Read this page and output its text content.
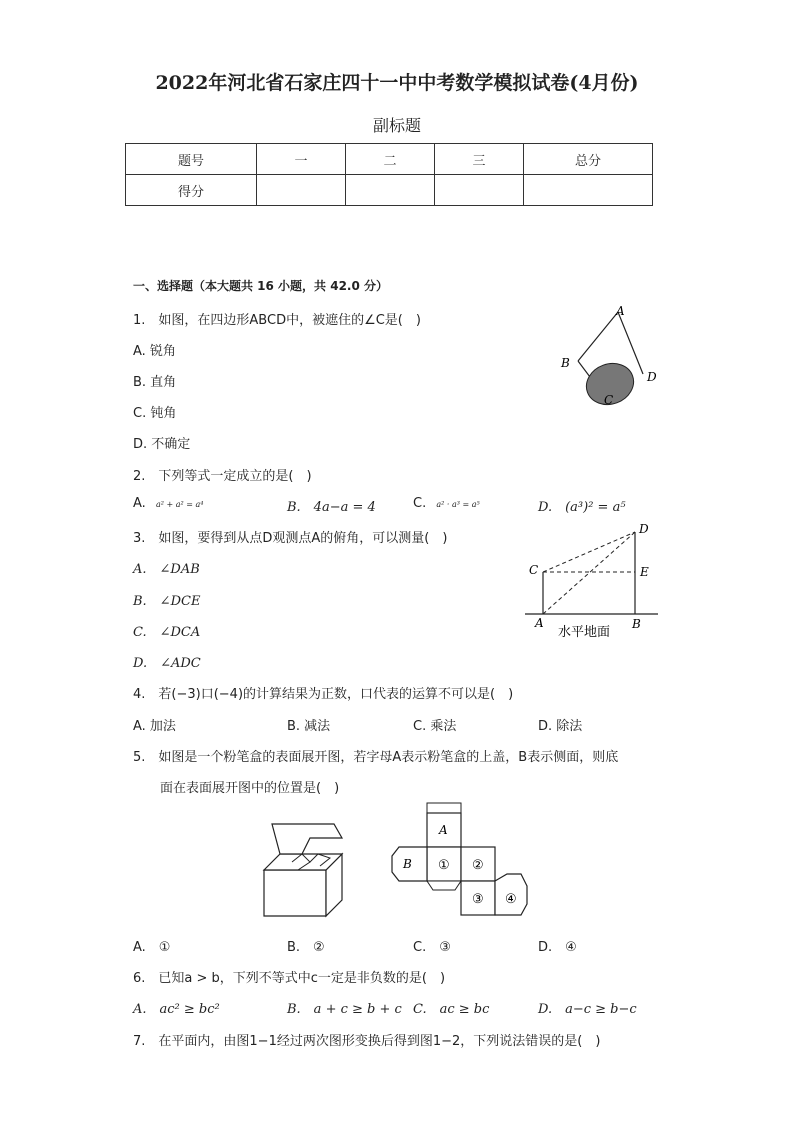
2022年河北省石家庄四十一中中考数学模拟试卷(4月份)
副标题
题号	一	二	三	总分
得分				
一、选择题（本大题共 16 小题，共 42.0 分）
1.　如图，在四边形ABCD中，被遮住的∠C是(　)
A. 锐角
B. 直角
C. 钝角
D. 不确定
A
B
C
D
2.　下列等式一定成立的是(　)
A. a² + a² = a⁴	B.　4a−a = 4	C. a² · a³ = a⁵	D.　(a³)² = a⁵
3.　如图，要得到从点D观测点A的俯角，可以测量(　)
A.　∠DAB
B.　∠DCE
C.　∠DCA
D.　∠ADC
D
C	E
A	B
水平地面
4.　若(−3)口(−4)的计算结果为正数，口代表的运算不可以是(　)
A. 加法	B. 减法	C. 乘法	D. 除法
5.　如图是一个粉笔盒的表面展开图，若字母A表示粉笔盒的上盖，B表示侧面，则底
面在表面展开图中的位置是(　)
A
B ① ②
③ ④
A.　①	B.　②	C.　③	D.　④
6.　已知a > b，下列不等式中c一定是非负数的是(　)
A.　ac² ≥ bc²	B.　a + c ≥ b + c C.　ac ≥ bc	D.　a−c ≥ b−c
7.　在平面内，由图1−1经过两次图形变换后得到图1−2，下列说法错误的是(　)
